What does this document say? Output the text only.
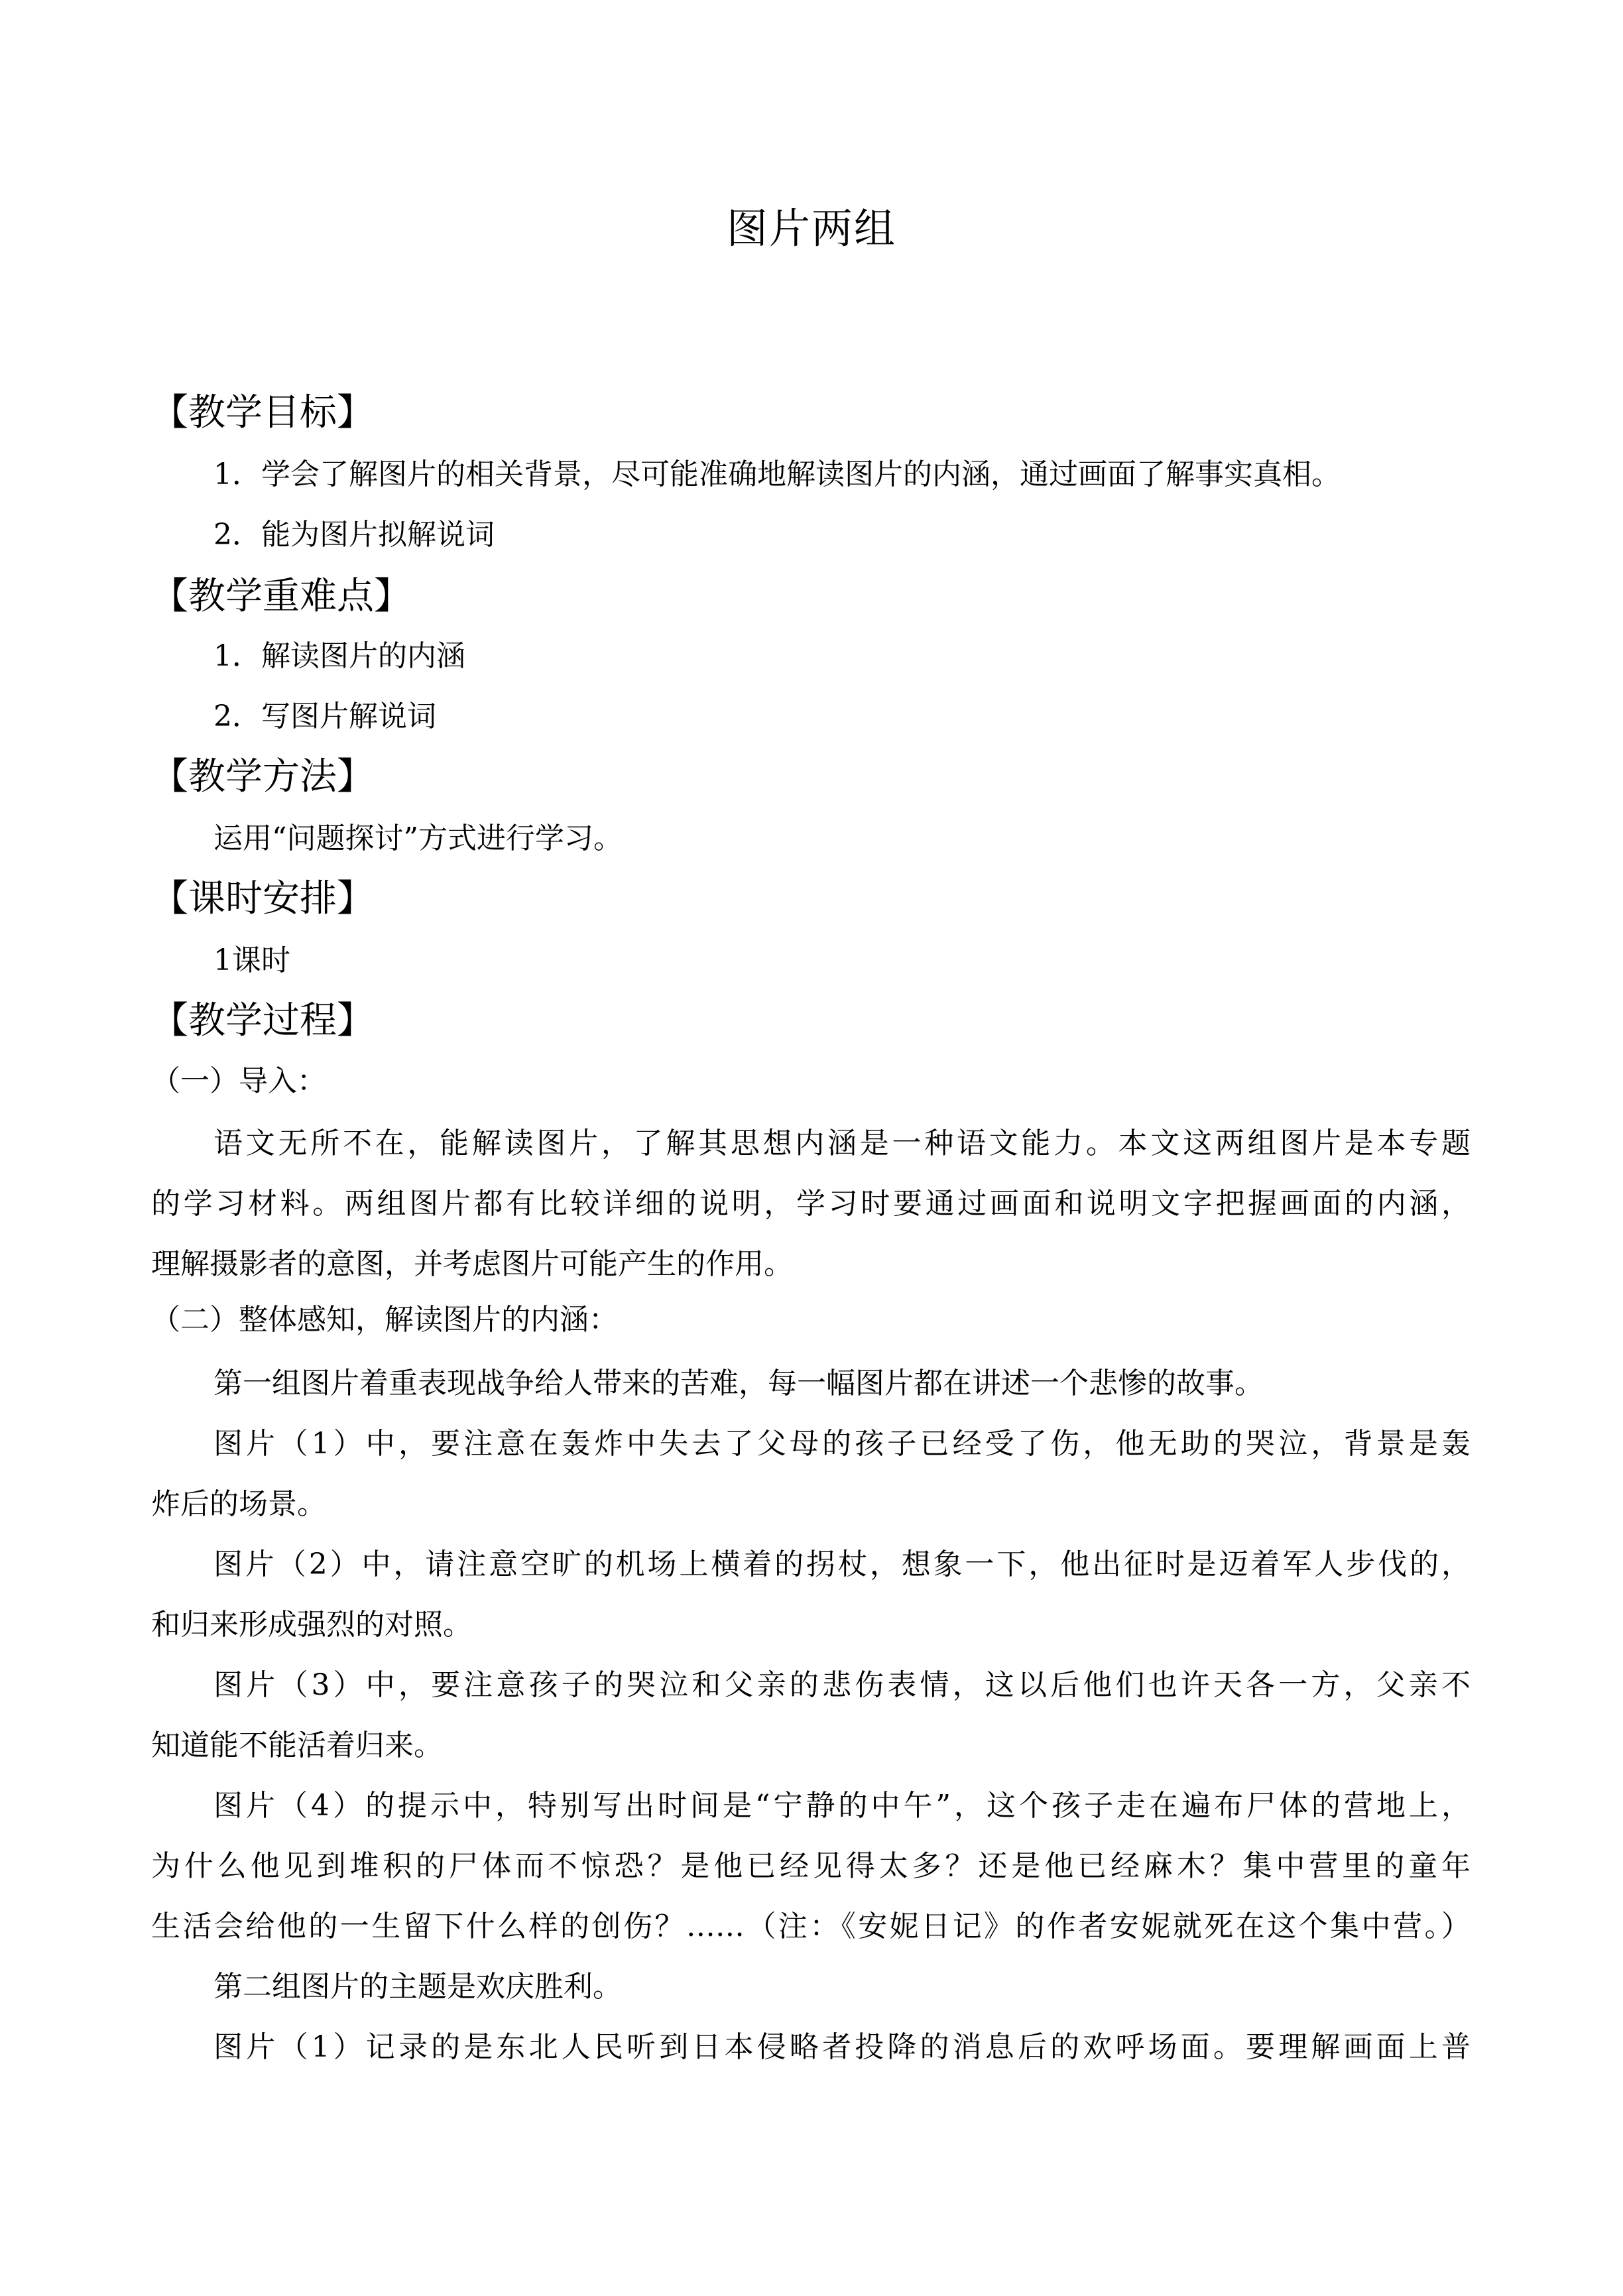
图片两组
【教学目标】
1．学会了解图片的相关背景，尽可能准确地解读图片的内涵，通过画面了解事实真相。
2．能为图片拟解说词
【教学重难点】
1．解读图片的内涵
2．写图片解说词
【教学方法】
运用“问题探讨”方式进行学习。
【课时安排】
1课时
【教学过程】
（一）导入：
语文无所不在，能解读图片，了解其思想内涵是一种语文能力。本文这两组图片是本专题
的学习材料。两组图片都有比较详细的说明，学习时要通过画面和说明文字把握画面的内涵，
理解摄影者的意图，并考虑图片可能产生的作用。
（二）整体感知，解读图片的内涵：
第一组图片着重表现战争给人带来的苦难，每一幅图片都在讲述一个悲惨的故事。
图片（1）中，要注意在轰炸中失去了父母的孩子已经受了伤，他无助的哭泣，背景是轰
炸后的场景。
图片（2）中，请注意空旷的机场上横着的拐杖，想象一下，他出征时是迈着军人步伐的，
和归来形成强烈的对照。
图片（3）中，要注意孩子的哭泣和父亲的悲伤表情，这以后他们也许天各一方，父亲不
知道能不能活着归来。
图片（4）的提示中，特别写出时间是“宁静的中午”，这个孩子走在遍布尸体的营地上，
为什么他见到堆积的尸体而不惊恐？是他已经见得太多？还是他已经麻木？集中营里的童年
生活会给他的一生留下什么样的创伤？……（注：《安妮日记》的作者安妮就死在这个集中营。）
第二组图片的主题是欢庆胜利。
图片（1）记录的是东北人民听到日本侵略者投降的消息后的欢呼场面。要理解画面上普
